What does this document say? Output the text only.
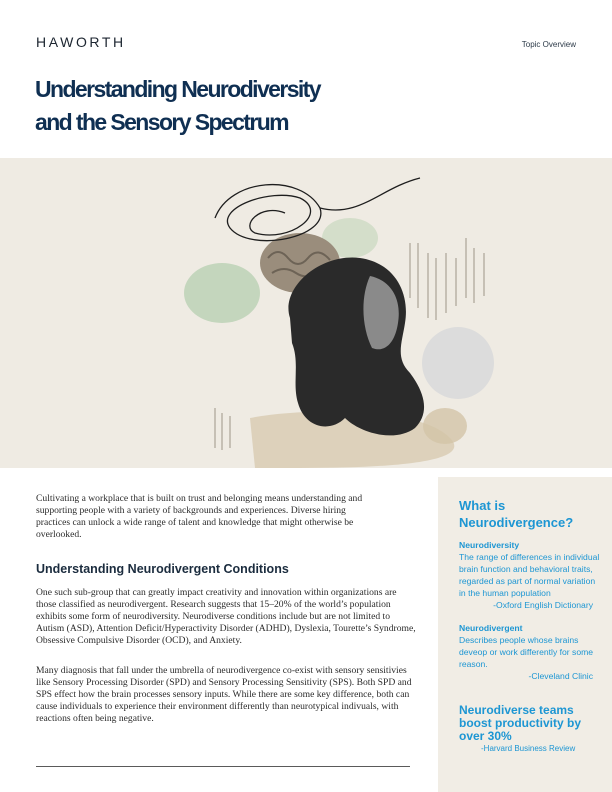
HAWORTH	Topic Overview
Understanding Neurodiversity
and the Sensory Spectrum

Cultivating a workplace that is built on trust and belonging means understanding and supporting people with a variety of backgrounds and experiences. Diverse hiring practices can unlock a wide range of talent and knowledge that might otherwise be overlooked.

Understanding Neurodivergent Conditions

One such sub-group that can greatly impact creativity and innovation within organizations are those classified as neurodivergent. Research suggests that 15–20% of the world’s population exhibits some form of neurodiversity. Neurodiverse conditions include but are not limited to Autism (ASD), Attention Deficit/Hyperactivity Disorder (ADHD), Dyslexia, Tourette’s Syndrome, Obsessive Compulsive Disorder (OCD), and Anxiety.

Many diagnosis that fall under the umbrella of neurodivergence co-exist with sensory sensitivies like Sensory Processing Disorder (SPD) and Sensory Processing Sensitivity (SPS). Both SPD and SPS effect how the brain processes sensory inputs. While there are some key difference, both can cause individuals to experience their environment differently than neurotypical indivuals, with reactions often being negative.

What is
Neurodivergence?
Neurodiversity
The range of differences in individual brain function and behavioral traits, regarded as part of normal variation in the human population
-Oxford English Dictionary
Neurodivergent
Describes people whose brains deveop or work differently for some reason.
-Cleveland Clinic
Neurodiverse teams boost productivity by over 30%
-Harvard Business Review
